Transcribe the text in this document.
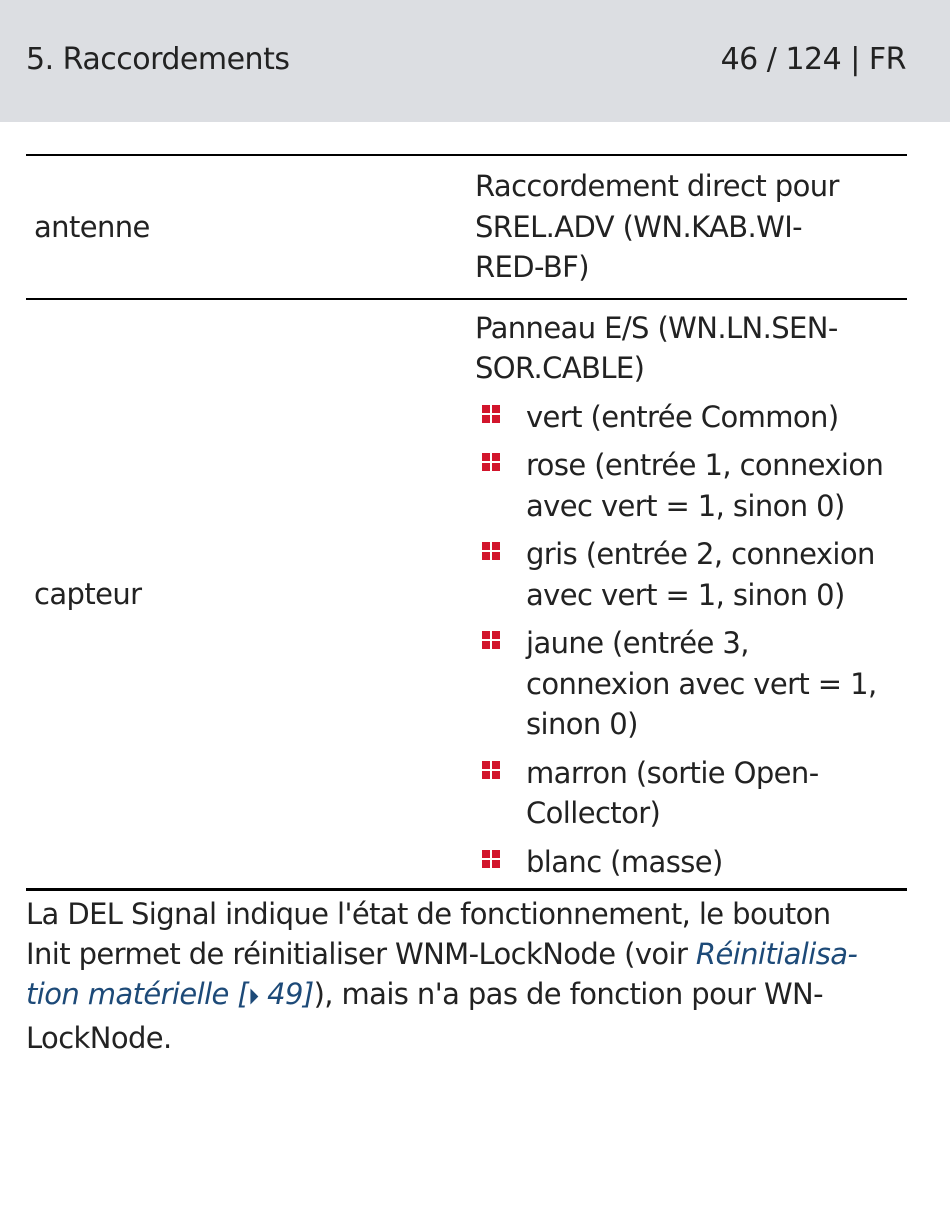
5. Raccordements	46 / 124 | FR
antenne
Raccordement direct pour
SREL.ADV (WN.KAB.WI-
RED-BF)
capteur
Panneau E/S (WN.LN.SEN-
SOR.CABLE)
vert (entrée Common)
rose (entrée 1, connexion
avec vert = 1, sinon 0)
gris (entrée 2, connexion
avec vert = 1, sinon 0)
jaune (entrée 3,
connexion avec vert = 1,
sinon 0)
marron (sortie Open-
Collector)
blanc (masse)
La DEL Signal indique l'état de fonctionnement, le bouton
Init permet de réinitialiser WNM-LockNode (voir Réinitialisa-
tion matérielle [⏵ 49]), mais n'a pas de fonction pour WN-
LockNode.
